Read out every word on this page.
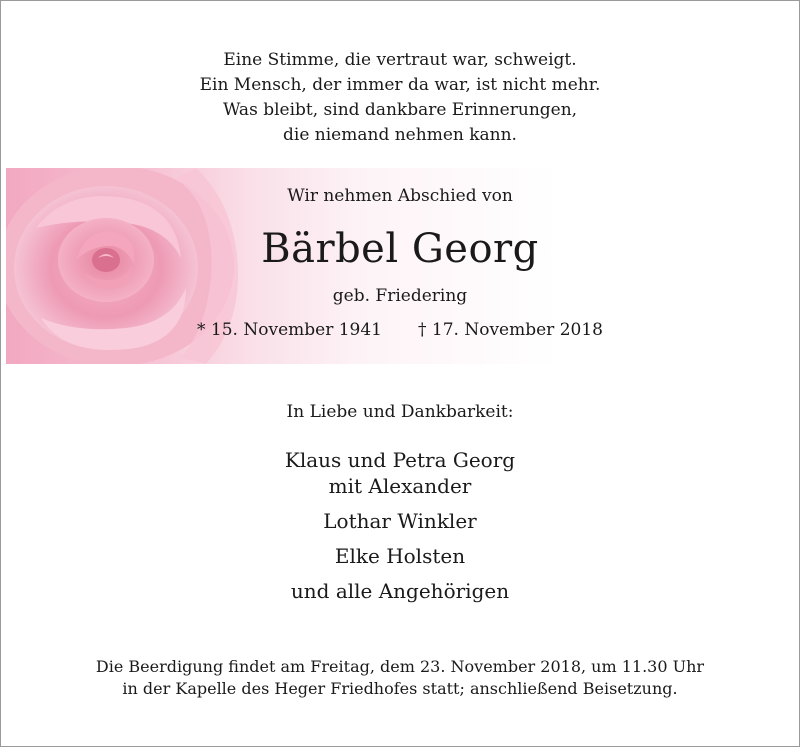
Eine Stimme, die vertraut war, schweigt.
Ein Mensch, der immer da war, ist nicht mehr.
Was bleibt, sind dankbare Erinnerungen,
die niemand nehmen kann.
Wir nehmen Abschied von
Bärbel Georg
geb. Friedering
* 15. November 1941 † 17. November 2018
In Liebe und Dankbarkeit:
Klaus und Petra Georg
mit Alexander
Lothar Winkler
Elke Holsten
und alle Angehörigen
Die Beerdigung findet am Freitag, dem 23. November 2018, um 11.30 Uhr
in der Kapelle des Heger Friedhofes statt; anschließend Beisetzung.
